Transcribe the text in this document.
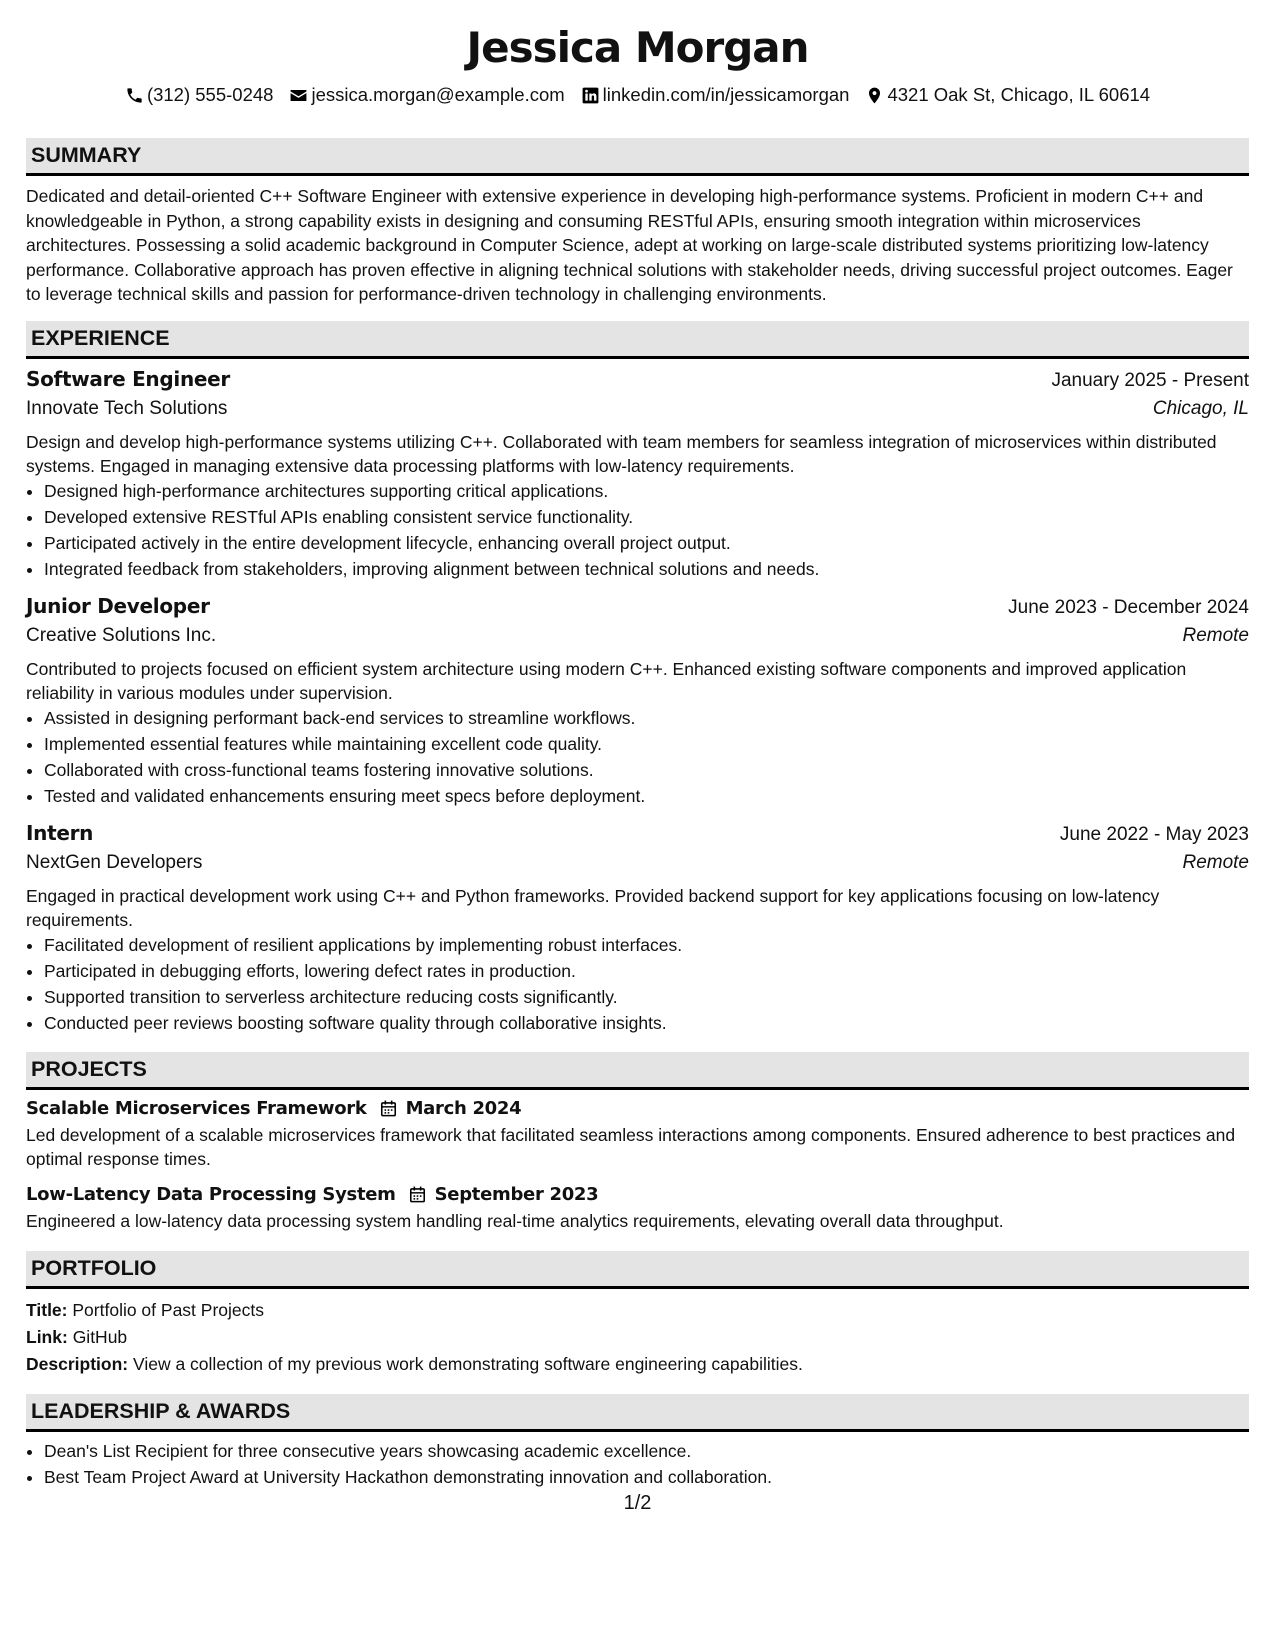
Jessica Morgan
(312) 555-0248 jessica.morgan@example.com linkedin.com/in/jessicamorgan 4321 Oak St, Chicago, IL 60614
SUMMARY

Dedicated and detail-oriented C++ Software Engineer with extensive experience in developing high-performance systems. Proficient in modern C++ and knowledgeable in Python, a strong capability exists in designing and consuming RESTful APIs, ensuring smooth integration within microservices architectures. Possessing a solid academic background in Computer Science, adept at working on large-scale distributed systems prioritizing low-latency performance. Collaborative approach has proven effective in aligning technical solutions with stakeholder needs, driving successful project outcomes. Eager to leverage technical skills and passion for performance-driven technology in challenging environments.

EXPERIENCE
Software Engineer	January 2025 - Present
Innovate Tech Solutions	Chicago, IL

Design and develop high-performance systems utilizing C++. Collaborated with team members for seamless integration of microservices within distributed systems. Engaged in managing extensive data processing platforms with low-latency requirements.

• Designed high-performance architectures supporting critical applications.
• Developed extensive RESTful APIs enabling consistent service functionality.
• Participated actively in the entire development lifecycle, enhancing overall project output.
• Integrated feedback from stakeholders, improving alignment between technical solutions and needs.
Junior Developer	June 2023 - December 2024
Creative Solutions Inc.	Remote

Contributed to projects focused on efficient system architecture using modern C++. Enhanced existing software components and improved application reliability in various modules under supervision.

• Assisted in designing performant back-end services to streamline workflows.
• Implemented essential features while maintaining excellent code quality.
• Collaborated with cross-functional teams fostering innovative solutions.
• Tested and validated enhancements ensuring meet specs before deployment.
Intern	June 2022 - May 2023
NextGen Developers	Remote

Engaged in practical development work using C++ and Python frameworks. Provided backend support for key applications focusing on low-latency requirements.

• Facilitated development of resilient applications by implementing robust interfaces.
• Participated in debugging efforts, lowering defect rates in production.
• Supported transition to serverless architecture reducing costs significantly.
• Conducted peer reviews boosting software quality through collaborative insights.
PROJECTS
Scalable Microservices Framework March 2024

Led development of a scalable microservices framework that facilitated seamless interactions among components. Ensured adherence to best practices and optimal response times.

Low-Latency Data Processing System September 2023

Engineered a low-latency data processing system handling real-time analytics requirements, elevating overall data throughput.

PORTFOLIO
Title: Portfolio of Past Projects
Link: GitHub
Description: View a collection of my previous work demonstrating software engineering capabilities.
LEADERSHIP & AWARDS
• Dean's List Recipient for three consecutive years showcasing academic excellence.
• Best Team Project Award at University Hackathon demonstrating innovation and collaboration.
1/2
